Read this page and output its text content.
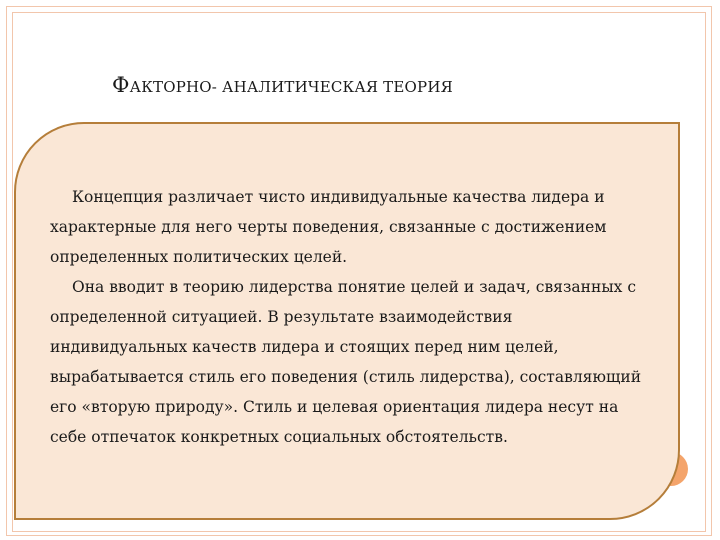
ФАКТОРНО- АНАЛИТИЧЕСКАЯ ТЕОРИЯ

Концепция различает чисто индивидуальные качества лидера и характерные для него черты поведения, связанные с достижением определенных политических целей.

Она вводит в теорию лидерства понятие целей и задач, связанных с определенной ситуацией. В результате взаимодействия индивидуальных качеств лидера и стоящих перед ним целей, вырабатывается стиль его поведения (стиль лидерства), составляющий его «вторую природу». Стиль и целевая ориентация лидера несут на себе отпечаток конкретных социальных обстоятельств.
